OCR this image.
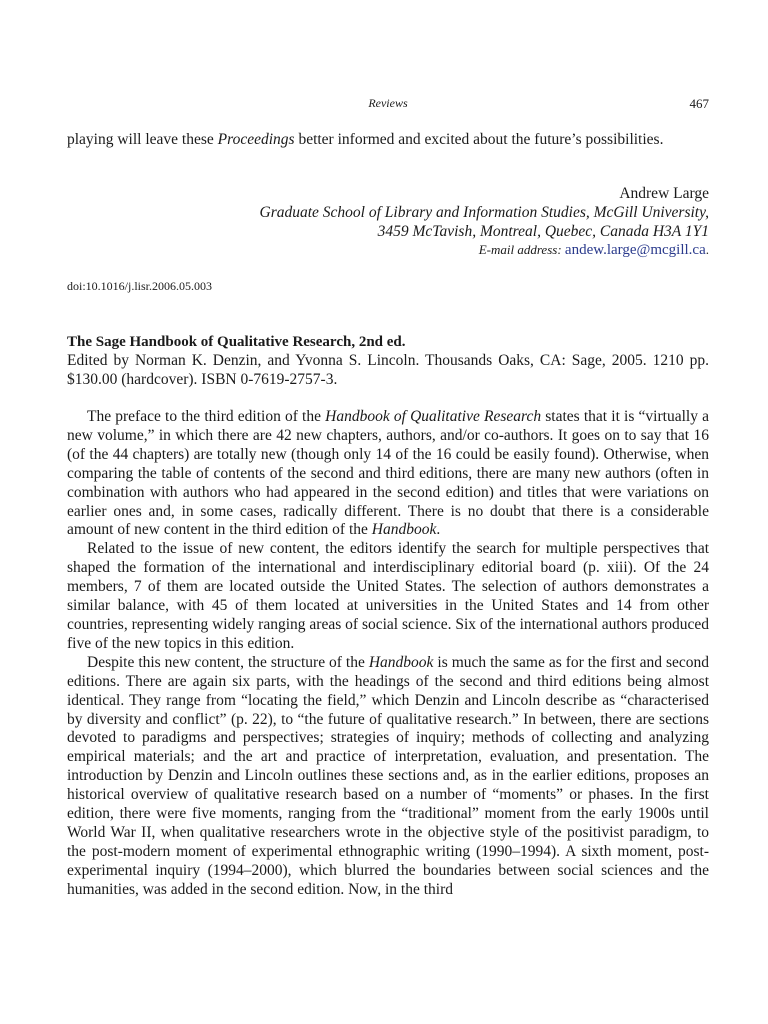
Reviews	467
playing will leave these Proceedings better informed and excited about the future’s possibilities.
Andrew Large
Graduate School of Library and Information Studies, McGill University,
3459 McTavish, Montreal, Quebec, Canada H3A 1Y1
E-mail address: andew.large@mcgill.ca.
doi:10.1016/j.lisr.2006.05.003
The Sage Handbook of Qualitative Research, 2nd ed.
Edited by Norman K. Denzin, and Yvonna S. Lincoln. Thousands Oaks, CA: Sage, 2005. 1210 pp. $130.00 (hardcover). ISBN 0-7619-2757-3.

The preface to the third edition of the Handbook of Qualitative Research states that it is “virtually a new volume,” in which there are 42 new chapters, authors, and/or co-authors. It goes on to say that 16 (of the 44 chapters) are totally new (though only 14 of the 16 could be easily found). Otherwise, when comparing the table of contents of the second and third editions, there are many new authors (often in combination with authors who had appeared in the second edition) and titles that were variations on earlier ones and, in some cases, radically different. There is no doubt that there is a considerable amount of new content in the third edition of the Handbook.

Related to the issue of new content, the editors identify the search for multiple perspectives that shaped the formation of the international and interdisciplinary editorial board (p. xiii). Of the 24 members, 7 of them are located outside the United States. The selection of authors demonstrates a similar balance, with 45 of them located at universities in the United States and 14 from other countries, representing widely ranging areas of social science. Six of the international authors produced five of the new topics in this edition.

Despite this new content, the structure of the Handbook is much the same as for the first and second editions. There are again six parts, with the headings of the second and third editions being almost identical. They range from “locating the field,” which Denzin and Lincoln describe as “characterised by diversity and conflict” (p. 22), to “the future of qualitative research.” In between, there are sections devoted to paradigms and perspectives; strategies of inquiry; methods of collecting and analyzing empirical materials; and the art and practice of interpretation, evaluation, and presentation. The introduction by Denzin and Lincoln outlines these sections and, as in the earlier editions, proposes an historical overview of qualitative research based on a number of “moments” or phases. In the first edition, there were five moments, ranging from the “traditional” moment from the early 1900s until World War II, when qualitative researchers wrote in the objective style of the positivist paradigm, to the post-modern moment of experimental ethnographic writing (1990–1994). A sixth moment, post-experimental inquiry (1994–2000), which blurred the boundaries between social sciences and the humanities, was added in the second edition. Now, in the third
